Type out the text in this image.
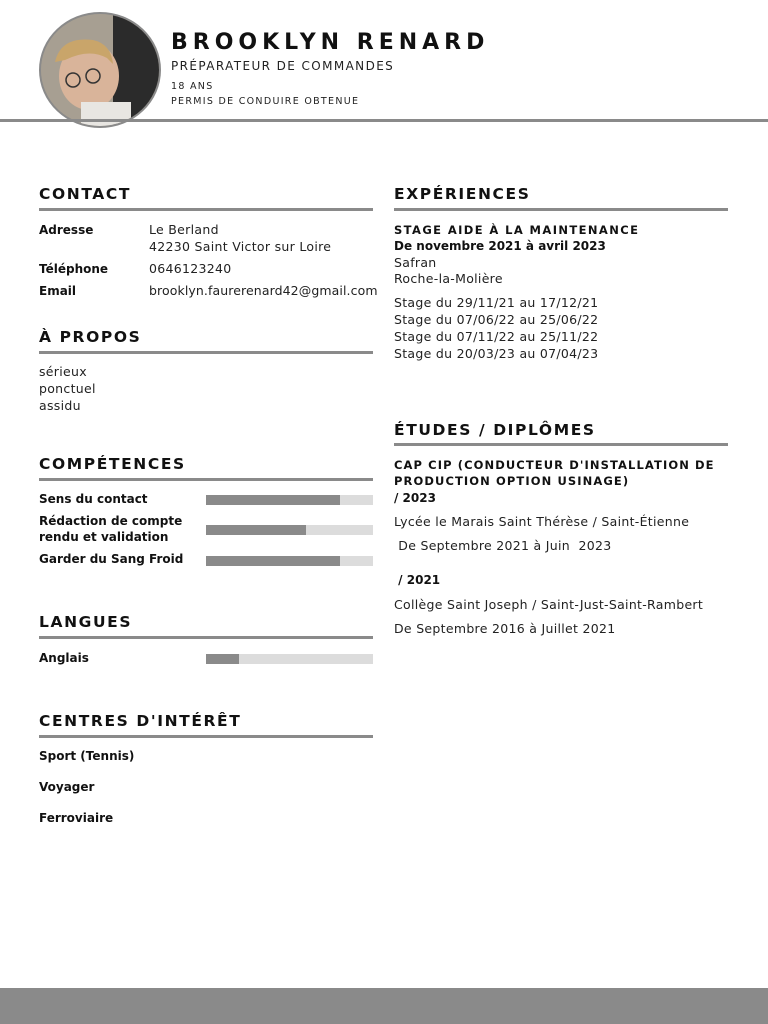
BROOKLYN RENARD
PRÉPARATEUR DE COMMANDES
18 ANS
PERMIS DE CONDUIRE OBTENUE
CONTACT
Adresse	Le Berland
42230 Saint Victor sur Loire
Téléphone	0646123240
Email	brooklyn.faurerenard42@gmail.com
À PROPOS
sérieux
ponctuel
assidu
COMPÉTENCES
Sens du contact
Rédaction de compte
rendu et validation
Garder du Sang Froid
LANGUES
Anglais
CENTRES D'INTÉRÊT
Sport (Tennis)
Voyager
Ferroviaire
EXPÉRIENCES
STAGE AIDE À LA MAINTENANCE
De novembre 2021 à avril 2023
Safran
Roche-la-Molière
Stage du 29/11/21 au 17/12/21
Stage du 07/06/22 au 25/06/22
Stage du 07/11/22 au 25/11/22
Stage du 20/03/23 au 07/04/23
ÉTUDES / DIPLÔMES
CAP CIP (CONDUCTEUR D'INSTALLATION DE
PRODUCTION OPTION USINAGE)
/ 2023
Lycée le Marais Saint Thérèse / Saint-Étienne
De Septembre 2021 à Juin  2023
/ 2021
Collège Saint Joseph / Saint-Just-Saint-Rambert
De Septembre 2016 à Juillet 2021
